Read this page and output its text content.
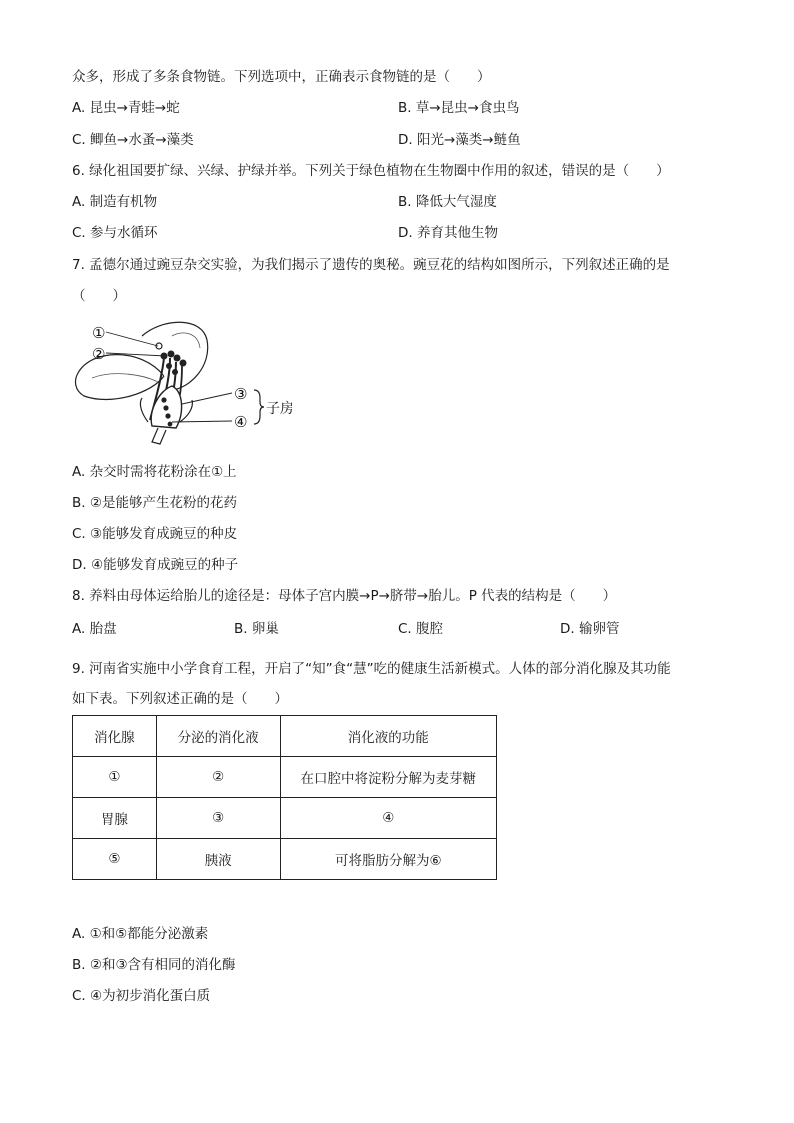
众多，形成了多条食物链。下列选项中，正确表示食物链的是（　　）
A. 昆虫→青蛙→蛇	B. 草→昆虫→食虫鸟
C. 鲫鱼→水蚤→藻类	D. 阳光→藻类→鲢鱼
6. 绿化祖国要扩绿、兴绿、护绿并举。下列关于绿色植物在生物圈中作用的叙述，错误的是（　　）
A. 制造有机物	B. 降低大气湿度
C. 参与水循环	D. 养育其他生物
7. 孟德尔通过豌豆杂交实验，为我们揭示了遗传的奥秘。豌豆花的结构如图所示，下列叙述正确的是
（　　）
①
②
③
④
子房
A. 杂交时需将花粉涂在①上
B. ②是能够产生花粉的花药
C. ③能够发育成豌豆的种皮
D. ④能够发育成豌豆的种子
8. 养料由母体运给胎儿的途径是：母体子宫内膜→P→脐带→胎儿。P 代表的结构是（　　）
A. 胎盘	B. 卵巢	C. 腹腔	D. 输卵管
9. 河南省实施中小学食育工程，开启了“知”食“慧”吃的健康生活新模式。人体的部分消化腺及其功能
如下表。下列叙述正确的是（　　）
消化腺	分泌的消化液	消化液的功能
①	②	在口腔中将淀粉分解为麦芽糖
胃腺	③	④
⑤	胰液	可将脂肪分解为⑥
A. ①和⑤都能分泌激素
B. ②和③含有相同的消化酶
C. ④为初步消化蛋白质
